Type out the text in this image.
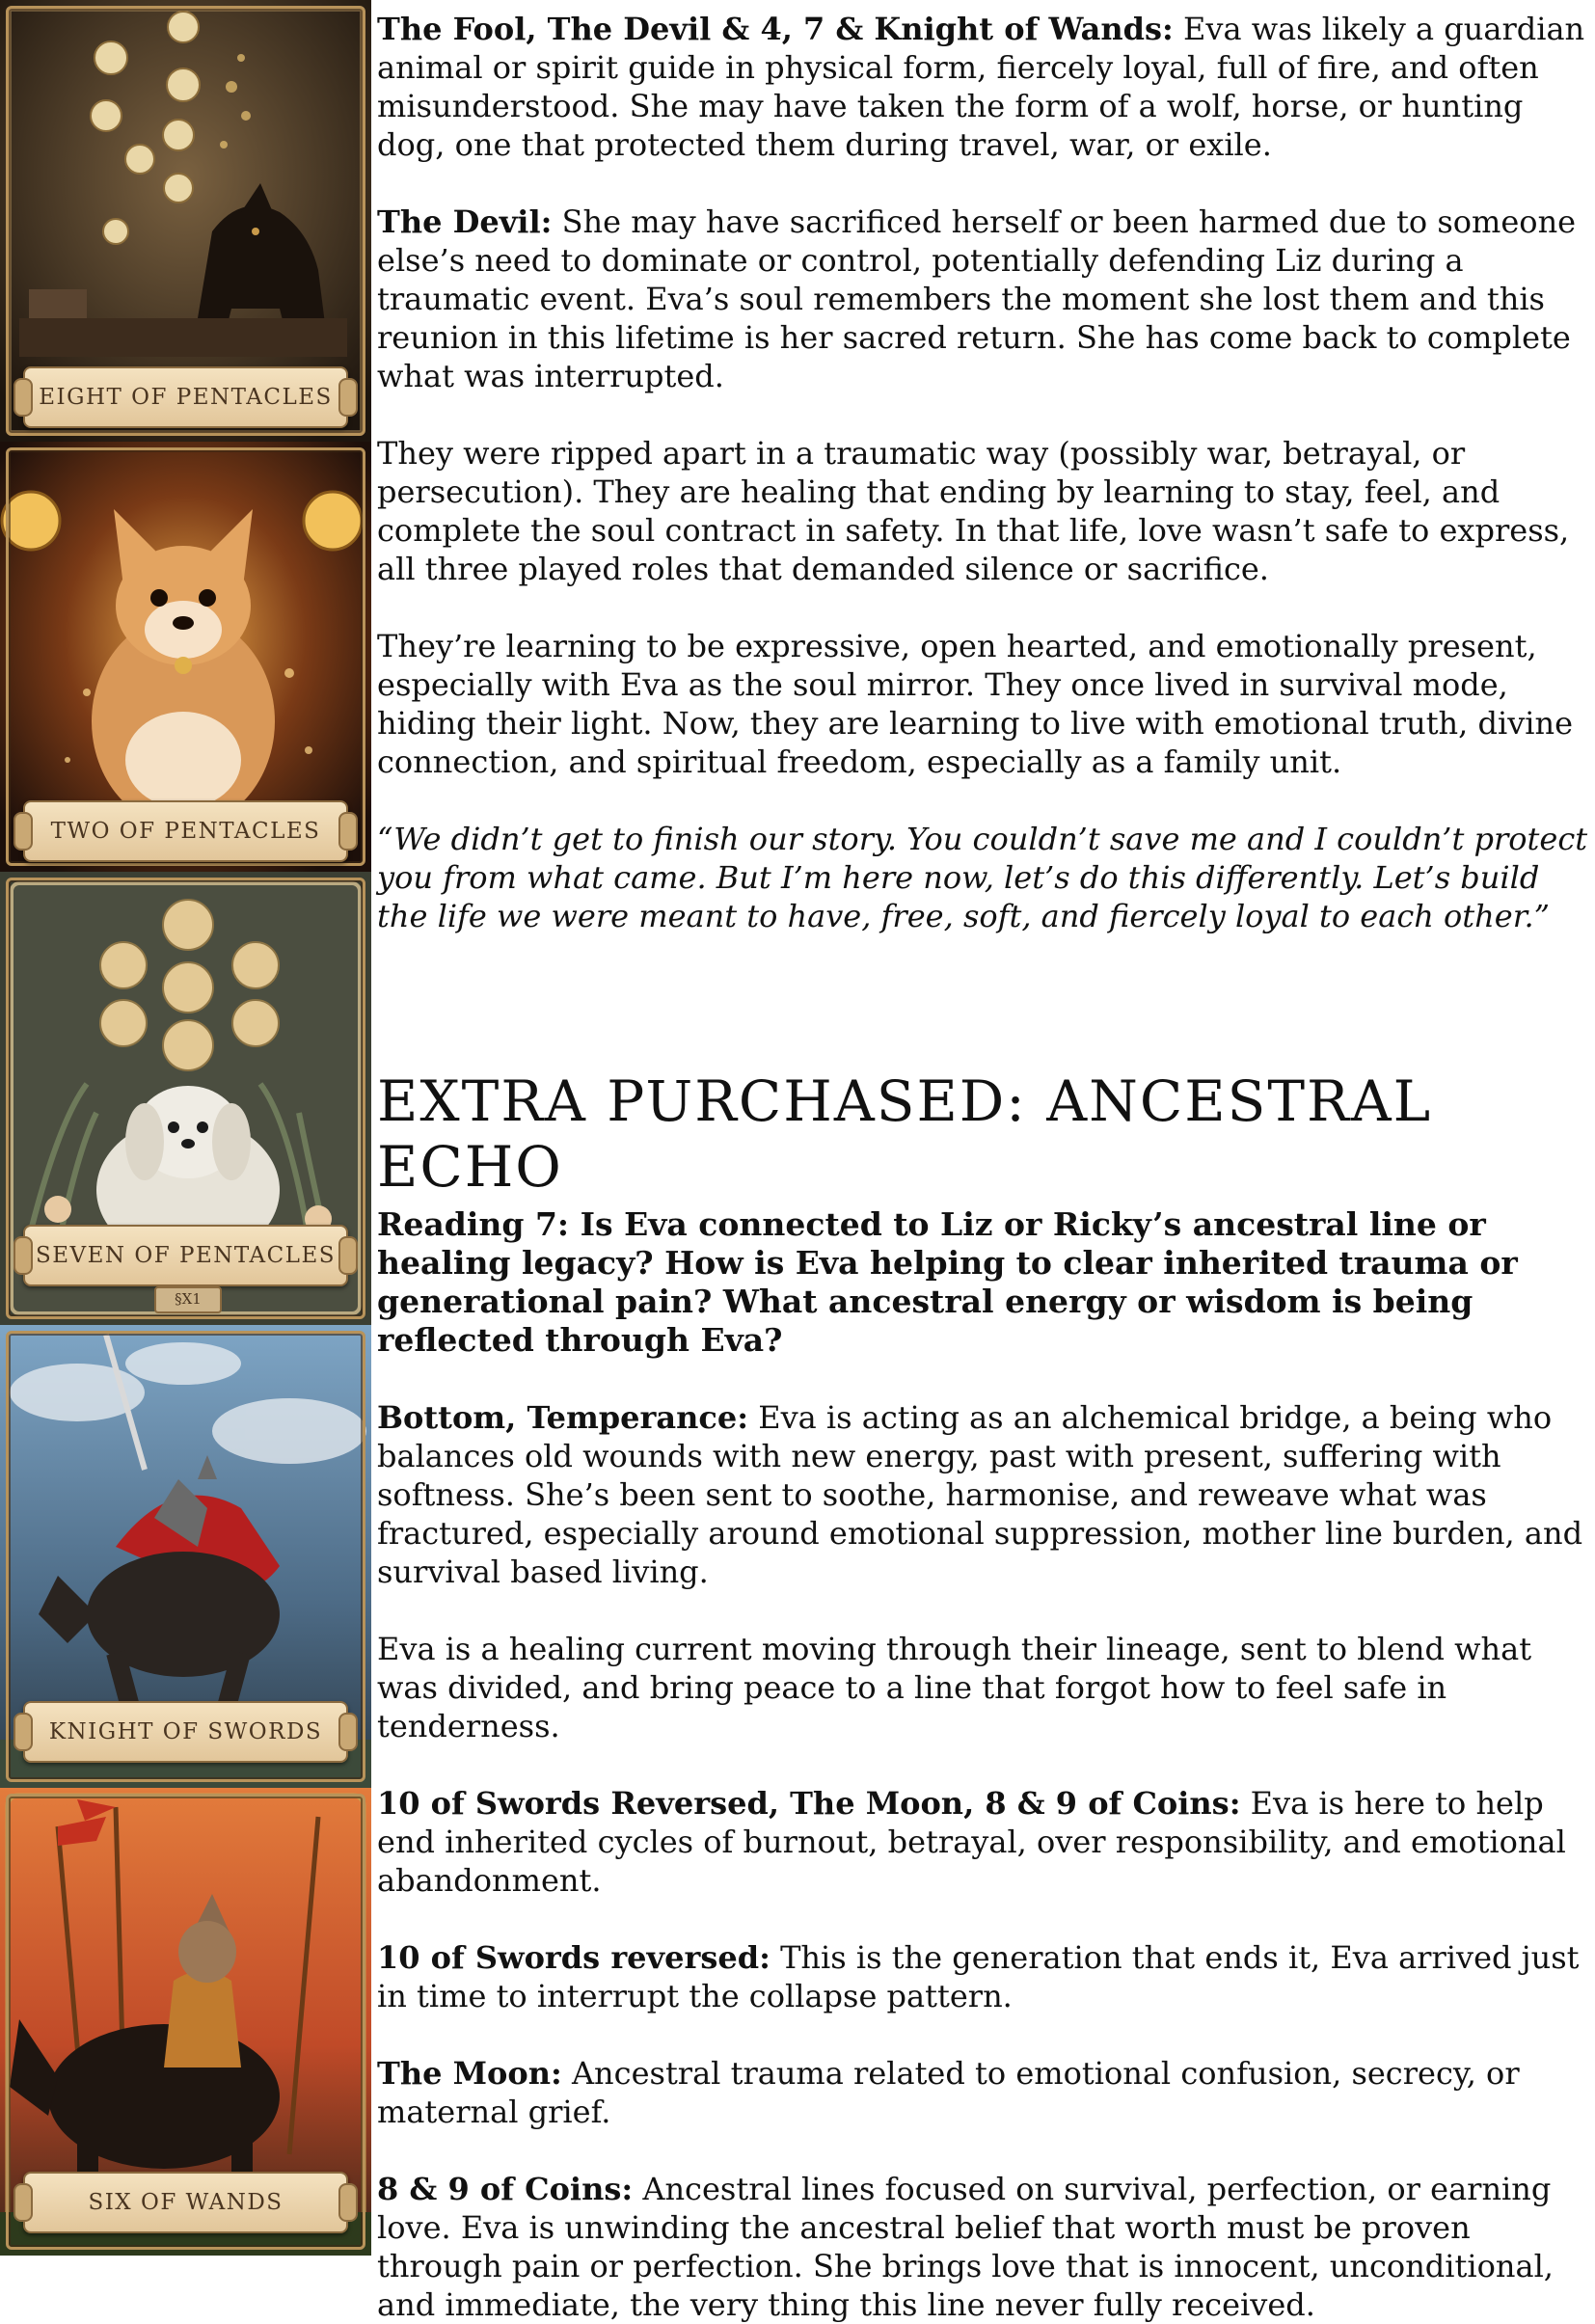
EIGHT OF PENTACLES
TWO OF PENTACLES
SEVEN OF PENTACLES
§X1
KNIGHT OF SWORDS
SIX OF WANDS

The Fool, The Devil & 4, 7 & Knight of Wands: Eva was likely a guardian animal or spirit guide in physical form, fiercely loyal, full of fire, and often misunderstood. She may have taken the form of a wolf, horse, or hunting dog, one that protected them during travel, war, or exile.

The Devil: She may have sacrificed herself or been harmed due to someone else’s need to dominate or control, potentially defending Liz during a traumatic event. Eva’s soul remembers the moment she lost them and this reunion in this lifetime is her sacred return. She has come back to complete what was interrupted.

They were ripped apart in a traumatic way (possibly war, betrayal, or persecution). They are healing that ending by learning to stay, feel, and complete the soul contract in safety. In that life, love wasn’t safe to express, all three played roles that demanded silence or sacrifice.

They’re learning to be expressive, open hearted, and emotionally present, especially with Eva as the soul mirror. They once lived in survival mode, hiding their light. Now, they are learning to live with emotional truth, divine connection, and spiritual freedom, especially as a family unit.

“We didn’t get to finish our story. You couldn’t save me and I couldn’t protect you from what came. But I’m here now, let’s do this differently. Let’s build the life we were meant to have, free, soft, and fiercely loyal to each other.”

EXTRA PURCHASED: ANCESTRAL ECHO

Reading 7: Is Eva connected to Liz or Ricky’s ancestral line or healing legacy? How is Eva helping to clear inherited trauma or generational pain? What ancestral energy or wisdom is being reflected through Eva?

Bottom, Temperance: Eva is acting as an alchemical bridge, a being who balances old wounds with new energy, past with present, suffering with softness. She’s been sent to soothe, harmonise, and reweave what was fractured, especially around emotional suppression, mother line burden, and survival based living.

Eva is a healing current moving through their lineage, sent to blend what was divided, and bring peace to a line that forgot how to feel safe in tenderness.

10 of Swords Reversed, The Moon, 8 & 9 of Coins: Eva is here to help end inherited cycles of burnout, betrayal, over responsibility, and emotional abandonment.

10 of Swords reversed: This is the generation that ends it, Eva arrived just in time to interrupt the collapse pattern.

The Moon: Ancestral trauma related to emotional confusion, secrecy, or maternal grief.

8 & 9 of Coins: Ancestral lines focused on survival, perfection, or earning love. Eva is unwinding the ancestral belief that worth must be proven through pain or perfection. She brings love that is innocent, unconditional, and immediate, the very thing this line never fully received.
